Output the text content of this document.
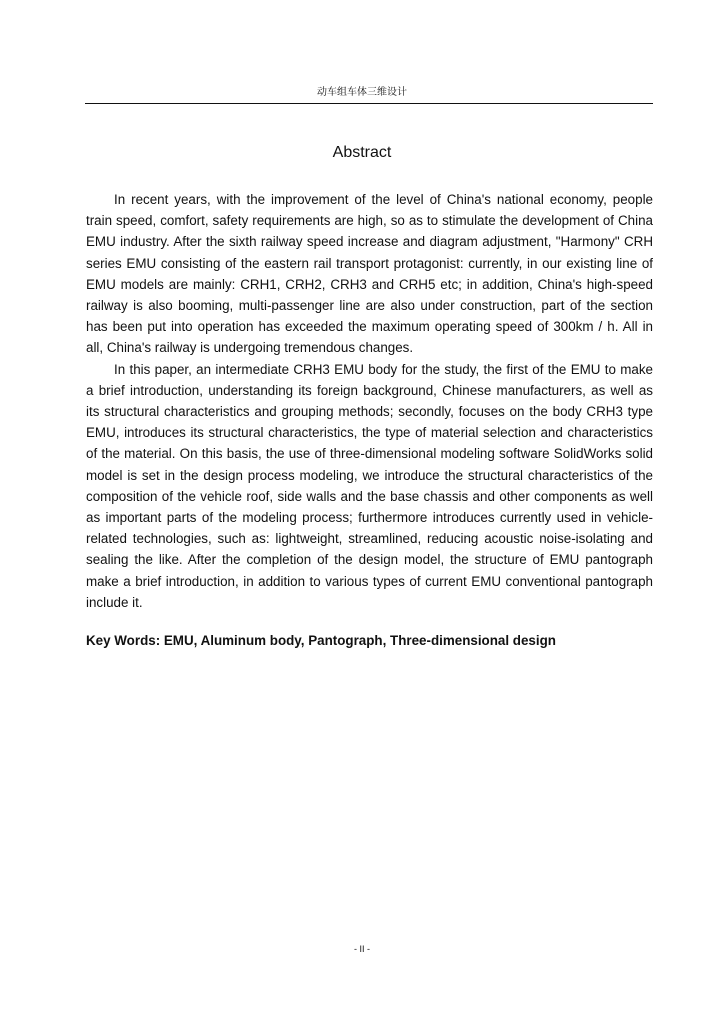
动车组车体三维设计
Abstract

In recent years, with the improvement of the level of China's national economy, people train speed, comfort, safety requirements are high, so as to stimulate the development of China EMU industry. After the sixth railway speed increase and diagram adjustment, "Harmony" CRH series EMU consisting of the eastern rail transport protagonist: currently, in our existing line of EMU models are mainly: CRH1, CRH2, CRH3 and CRH5 etc; in addition, China's high-speed railway is also booming, multi-passenger line are also under construction, part of the section has been put into operation has exceeded the maximum operating speed of 300km / h. All in all, China's railway is undergoing tremendous changes.

In this paper, an intermediate CRH3 EMU body for the study, the first of the EMU to make a brief introduction, understanding its foreign background, Chinese manufacturers, as well as its structural characteristics and grouping methods; secondly, focuses on the body CRH3 type EMU, introduces its structural characteristics, the type of material selection and characteristics of the material. On this basis, the use of three-dimensional modeling software SolidWorks solid model is set in the design process modeling, we introduce the structural characteristics of the composition of the vehicle roof, side walls and the base chassis and other components as well as important parts of the modeling process; furthermore introduces currently used in vehicle-related technologies, such as: lightweight, streamlined, reducing acoustic noise-isolating and sealing the like. After the completion of the design model, the structure of EMU pantograph make a brief introduction, in addition to various types of current EMU conventional pantograph include it.

Key Words: EMU, Aluminum body, Pantograph, Three-dimensional design
- II -
